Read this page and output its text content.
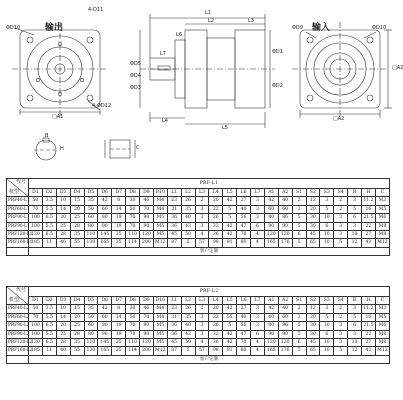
输出	输入
ΦD10
4-ΦD12
□A1
4-D11	L1
L2	L3
L4
L5
L6
L7
ΦD5
ΦD4
ΦD3
ΦD1
ΦD2
ΦD9	ΦD10
□A2
□A2
B
H	C
代号
机型	PRF-L1																									
	D1	D2	D3	D4	D5	D6	D7	D8	D9	D10	L1	L2	L3	L4	L5	L6	L7	A1	A2	S1	S2	S3	S4	B	H	C
PRF40-L1	50	3.5	10	15	35	42	8	30	46	M4	23	26	2	20	42	27	3	42	40	2	12	3	2	3	11.2	M3
PRF60-L1	70	5.5	14	20	50	60	14	50	70	M4	31	35	3	22	5	40	3	60	60	3	20	5	2	5	16	M5
PRF90-L1	100	6.5	20	25	60	80	19	70	90	M5	36	40	3	26	5	56	3	80	86	5	30	10	3	6	21.5	M6
PRF90-L1	100	5.5	25	28	80	90	19	70	90	M5	36	43	3	32	42	47	6	90	90	5	30	6	3	3	22	M8
PRF120-L1	130	6.5	28	35	110	145	35	110	120	M5	45	50	4	36	42	70	4	120	120	6	45	10	3	10	27	M8
PRF160-L1	185	11	40	55	130	165	35	114	200	M12	87	5	57	98	91	80	4	165	176	5	65	10	5	12	43	M12
	客户定制																									
代号
机型	PRF-L2																									
	D1	D2	D3	D4	D5	D6	D7	D8	D9	D10	L1	L2	L3	L4	L5	L6	L7	A1	A2	S1	S2	S3	S4	B	H	C
PRF40-L2	50	3.5	10	15	35	42	8	30	46	M4	23	26	2	20	42	27	3	42	40	2	12	3	2	3	11.2	M3
PRF60-L2	70	5.5	14	20	50	60	14	50	70	M4	31	35	3	22	55	40	3	60	60	3	20	5	2	5	16	M5
PRF90-L2	100	6.5	20	25	60	80	19	70	90	M5	36	40	3	26	5	56	3	80	86	5	30	10	3	6	21.5	M6
PRF90-L2	100	5.5	25	28	80	90	19	70	90	M5	36	43	3	32	42	47	6	90	90	5	30	6	3	3	22	M8
PRF120-L2	130	6.5	28	35	110	145	35	110	120	M5	45	50	4	36	42	70	4	120	120	6	45	10	3	10	27	M8
PRF160-L2	185	11	40	55	130	165	35	114	200	M12	87	5	57	98	91	80	4	165	176	5	65	10	5	12	43	M12
	客户定制																									
